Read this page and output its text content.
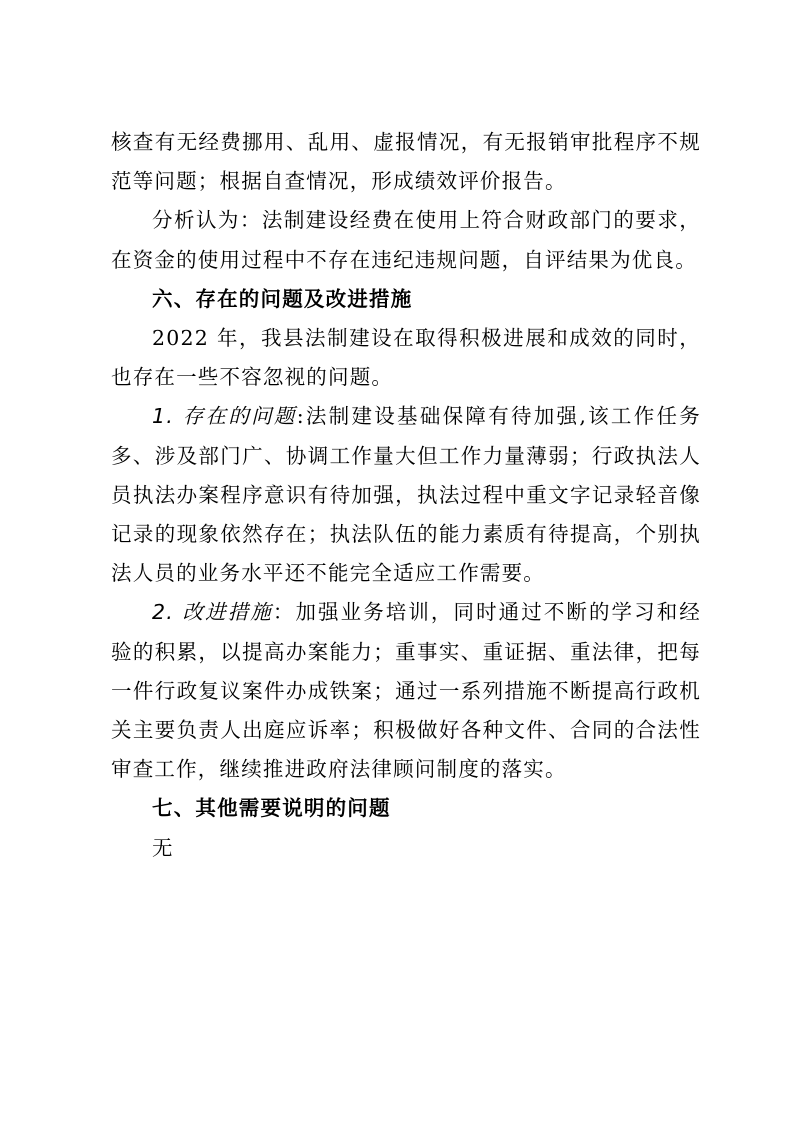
核查有无经费挪用、乱用、虚报情况，有无报销审批程序不规范等问题；根据自查情况，形成绩效评价报告。

分析认为：法制建设经费在使用上符合财政部门的要求，在资金的使用过程中不存在违纪违规问题，自评结果为优良。

六、存在的问题及改进措施

2022 年，我县法制建设在取得积极进展和成效的同时，也存在一些不容忽视的问题。

1. 存在的问题:法制建设基础保障有待加强,该工作任务多、涉及部门广、协调工作量大但工作力量薄弱；行政执法人员执法办案程序意识有待加强，执法过程中重文字记录轻音像记录的现象依然存在；执法队伍的能力素质有待提高，个别执法人员的业务水平还不能完全适应工作需要。

2. 改进措施：加强业务培训，同时通过不断的学习和经验的积累，以提高办案能力；重事实、重证据、重法律，把每一件行政复议案件办成铁案；通过一系列措施不断提高行政机关主要负责人出庭应诉率；积极做好各种文件、合同的合法性审查工作，继续推进政府法律顾问制度的落实。

七、其他需要说明的问题

无
